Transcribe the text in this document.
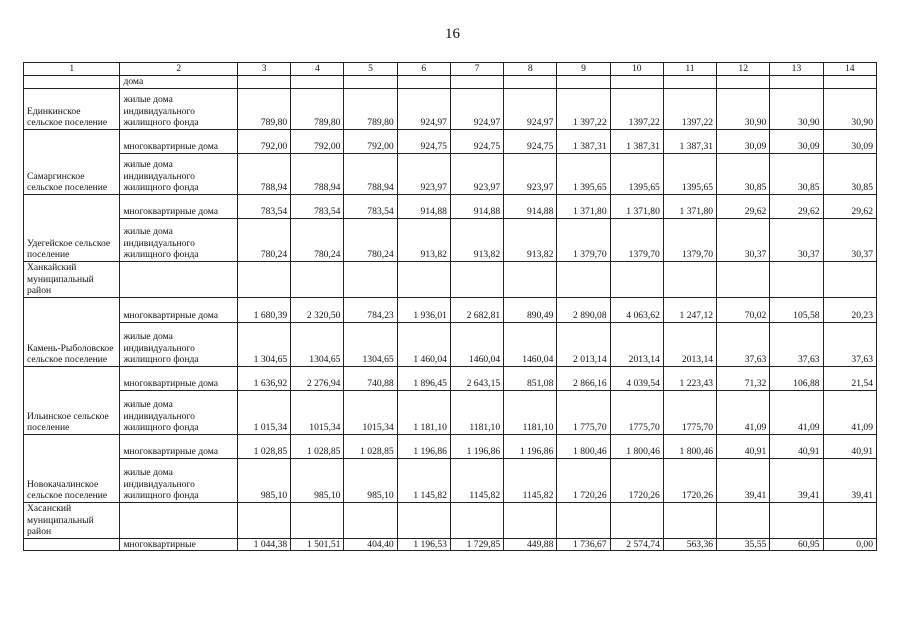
16
1	2	3	4	5	6	7	8	9	10	11	12	13	14
	дома												
Единкинское сельское поселение	жилые дома индивидуального жилищного фонда	789,80	789,80	789,80	924,97	924,97	924,97	1 397,22	1397,22	1397,22	30,90	30,90	30,90
Самаргинское сельское поселение	многоквартирные дома	792,00	792,00	792,00	924,75	924,75	924,75	1 387,31	1 387,31	1 387,31	30,09	30,09	30,09
	жилые дома индивидуального жилищного фонда	788,94	788,94	788,94	923,97	923,97	923,97	1 395,65	1395,65	1395,65	30,85	30,85	30,85
Удегейское сельское поселение	многоквартирные дома	783,54	783,54	783,54	914,88	914,88	914,88	1 371,80	1 371,80	1 371,80	29,62	29,62	29,62
	жилые дома индивидуального жилищного фонда	780,24	780,24	780,24	913,82	913,82	913,82	1 379,70	1379,70	1379,70	30,37	30,37	30,37
Ханкайский муниципальный район													
Камень-Рыболовское сельское поселение	многоквартирные дома	1 680,39	2 320,50	784,23	1 936,01	2 682,81	890,49	2 890,08	4 063,62	1 247,12	70,02	105,58	20,23
	жилые дома индивидуального жилищного фонда	1 304,65	1304,65	1304,65	1 460,04	1460,04	1460,04	2 013,14	2013,14	2013,14	37,63	37,63	37,63
Ильинское сельское поселение	многоквартирные дома	1 636,92	2 276,94	740,88	1 896,45	2 643,15	851,08	2 866,16	4 039,54	1 223,43	71,32	106,88	21,54
	жилые дома индивидуального жилищного фонда	1 015,34	1015,34	1015,34	1 181,10	1181,10	1181,10	1 775,70	1775,70	1775,70	41,09	41,09	41,09
Новокачалинское сельское поселение	многоквартирные дома	1 028,85	1 028,85	1 028,85	1 196,86	1 196,86	1 196,86	1 800,46	1 800,46	1 800,46	40,91	40,91	40,91
	жилые дома индивидуального жилищного фонда	985,10	985,10	985,10	1 145,82	1145,82	1145,82	1 720,26	1720,26	1720,26	39,41	39,41	39,41
Хасанский муниципальный район													
	многоквартирные	1 044,38	1 501,51	404,40	1 196,53	1 729,85	449,88	1 736,67	2 574,74	563,36	35,55	60,95	0,00
